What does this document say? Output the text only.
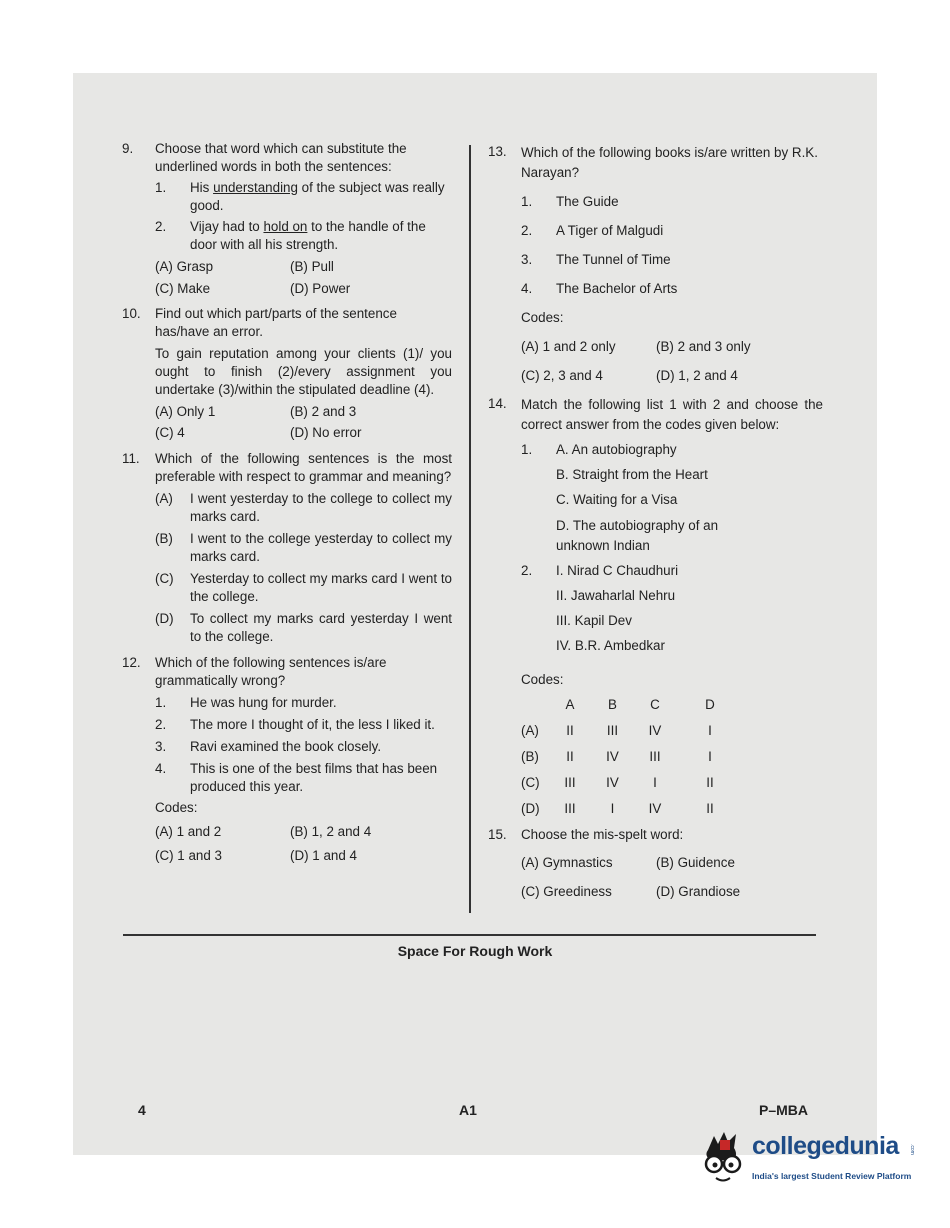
9. Choose that word which can substitute the underlined words in both the sentences:
1. His understanding of the subject was really good.
2. Vijay had to hold on to the handle of the door with all his strength.
(A) Grasp	(B) Pull
(C) Make	(D) Power
10. Find out which part/parts of the sentence has/have an error.
To gain reputation among your clients (1)/ you ought to finish (2)/every assignment you undertake (3)/within the stipulated deadline (4).
(A) Only 1	(B) 2 and 3
(C) 4	(D) No error
11. Which of the following sentences is the most preferable with respect to grammar and meaning?
(A) I went yesterday to the college to collect my marks card.
(B) I went to the college yesterday to collect my marks card.
(C) Yesterday to collect my marks card I went to the college.
(D) To collect my marks card yesterday I went to the college.
12. Which of the following sentences is/are grammatically wrong?
1. He was hung for murder.
2. The more I thought of it, the less I liked it.
3. Ravi examined the book closely.
4. This is one of the best films that has been produced this year.
Codes:
(A) 1 and 2	(B) 1, 2 and 4
(C) 1 and 3	(D) 1 and 4
13. Which of the following books is/are written by R.K. Narayan?
1. The Guide
2. A Tiger of Malgudi
3. The Tunnel of Time
4. The Bachelor of Arts
Codes:
(A) 1 and 2 only	(B) 2 and 3 only
(C) 2, 3 and 4	(D) 1, 2 and 4
14. Match the following list 1 with 2 and choose the correct answer from the codes given below:
1. A. An autobiography
B. Straight from the Heart
C. Waiting for a Visa
D. The autobiography of an unknown Indian
2. I. Nirad C Chaudhuri
II. Jawaharlal Nehru
III. Kapil Dev
IV. B.R. Ambedkar
Codes:
	A	B	C	D
(A)	II	III	IV	I
(B)	II	IV	III	I
(C)	III	IV	I	II
(D)	III	I	IV	II
15. Choose the mis-spelt word:
(A) Gymnastics	(B) Guidence
(C) Greediness	(D) Grandiose
Space For Rough Work
4	A1	P–MBA
collegedunia .com
India's largest Student Review Platform
